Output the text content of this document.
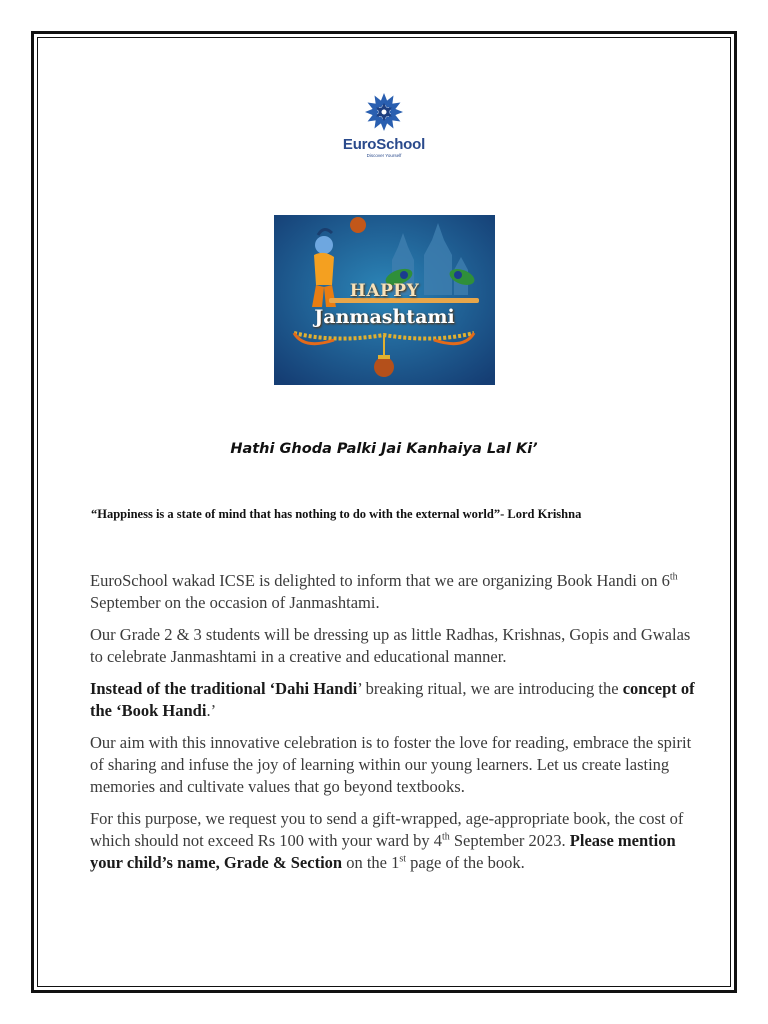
EuroSchool
Discover Yourself
HAPPY
Janmashtami
Hathi Ghoda Palki Jai Kanhaiya Lal Ki’
“Happiness is a state of mind that has nothing to do with the external world”- Lord Krishna

EuroSchool wakad ICSE is delighted to inform that we are organizing Book Handi on 6th September on the occasion of Janmashtami.

Our Grade 2 & 3 students will be dressing up as little Radhas, Krishnas, Gopis and Gwalas to celebrate Janmashtami in a creative and educational manner.

Instead of the traditional ‘Dahi Handi’ breaking ritual, we are introducing the concept of the ‘Book Handi.’

Our aim with this innovative celebration is to foster the love for reading, embrace the spirit of sharing and infuse the joy of learning within our young learners. Let us create lasting memories and cultivate values that go beyond textbooks.

For this purpose, we request you to send a gift-wrapped, age-appropriate book, the cost of which should not exceed Rs 100 with your ward by 4th September 2023. Please mention your child’s name, Grade & Section on the 1st page of the book.
